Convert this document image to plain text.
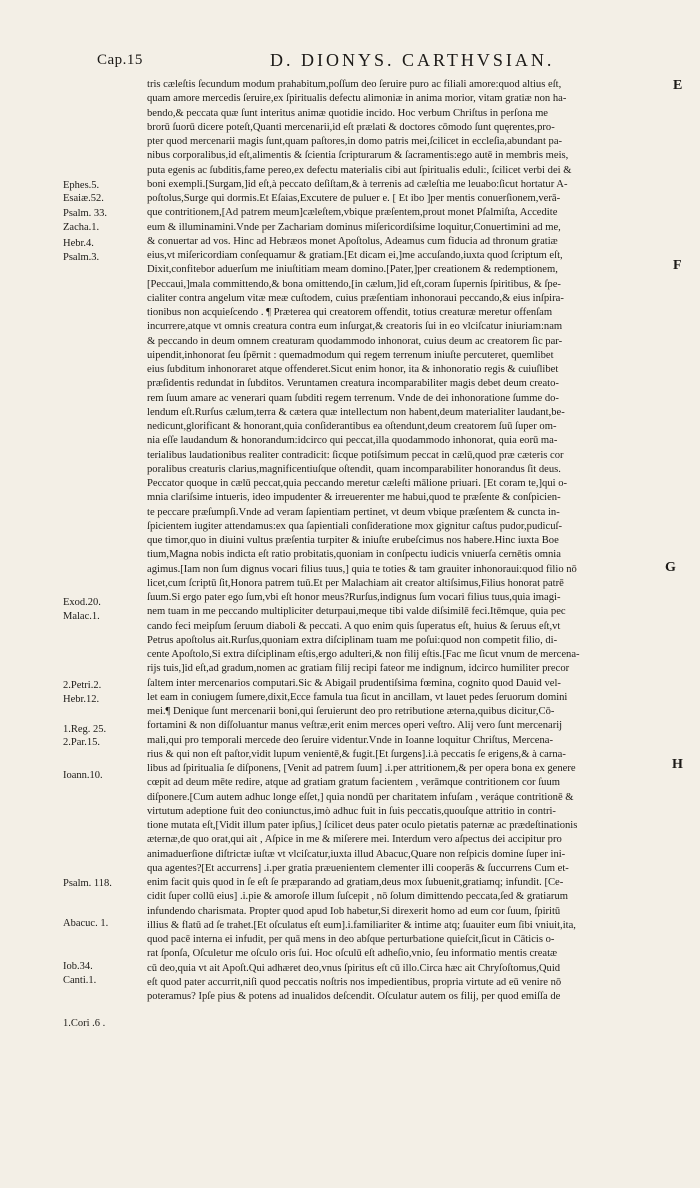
Cap.15	D. DIONYS. CARTHVSIAN.
E
F
G
H
Ephes.5.
Esaiæ.52.
Psalm. 33.
Zacha.1.
Hebr.4.
Psalm.3.
Exod.20.
Malac.1.
2.Petri.2.
Hebr.12.
1.Reg. 25.
2.Par.15.
Ioann.10.
Psalm. 118.
Abacuc. 1.
Iob.34.
Canti.1.
1.Cori .6 .
tris cæleſtis ſecundum modum prahabitum,poſſum deo ſeruire puro ac filiali amore:quod altius eſt,
quam amore mercedis ſeruire,ex ſpiritualis defectu alimoniæ in anima morior, vitam gratiæ non ha-
bendo,& peccata quæ ſunt interitus animæ quotidie incido. Hoc verbum Chriſtus in perſona me
brorū ſuorū dicere poteſt,Quanti mercenarii,id eſt prælati & doctores cōmodo ſunt quęrentes,pro-
pter quod mercenarii magis ſunt,quam paſtores,in domo patris mei,ſcilicet in eccleſia,abundant pa-
nibus corporalibus,id eſt,alimentis & ſcientia ſcripturarum & ſacramentis:ego autē in membris meis,
puta egenis ac ſubditis,fame pereo,ex defectu materialis cibi aut ſpiritualis eduli:, ſcilicet verbi dei &
boni exempli.[Surgam,]id eſt,à peccato deſiſtam,& à terrenis ad cæleſtia me leuabo:ſicut hortatur A-
poſtolus,Surge qui dormis.Et Eſaias,Excutere de puluer e. [ Et ibo ]per mentis conuerſionem,verā-
que contritionem,[Ad patrem meum]cæleſtem,vbique præſentem,prout monet Pſalmiſta, Accedite
eum & illuminamini.Vnde per Zachariam dominus miſericordiſsime loquitur,Conuertimini ad me,
& conuertar ad vos. Hinc ad Hebræos monet Apoſtolus, Adeamus cum fiducia ad thronum gratiæ
eius,vt miſericordiam conſequamur & gratiam.[Et dicam ei,]me accuſando,iuxta quod ſcriptum eſt,
Dixit,confitebor aduerſum me iniuſtitiam meam domino.[Pater,]per creationem & redemptionem,
[Peccaui,]mala committendo,& bona omittendo,[in cælum,]id eſt,coram ſupernis ſpiritibus, & ſpe-
cialiter contra angelum vitæ meæ cuſtodem, cuius præſentiam inhonoraui peccando,& eius inſpira-
tionibus non acquieſcendo . ¶ Præterea qui creatorem offendit, totius creaturæ meretur offenſam
incurrere,atque vt omnis creatura contra eum inſurgat,& creatoris ſui in eo vlciſcatur iniuriam:nam
& peccando in deum omnem creaturam quodammodo inhonorat, cuius deum ac creatorem ſic par-
uipendit,inhonorat ſeu ſpērnit : quemadmodum qui regem terrenum iniuſte percuteret, quemlibet
eius ſubditum inhonoraret atque offenderet.Sicut enim honor, ita & inhonoratio regis & cuiuſlibet
præſidentis redundat in ſubditos. Veruntamen creatura incomparabiliter magis debet deum creato-
rem ſuum amare ac venerari quam ſubditi regem terrenum. Vnde de dei inhonoratione ſumme do-
lendum eſt.Rurſus cælum,terra & cætera quæ intellectum non habent,deum materialiter laudant,be-
nedicunt,glorificant & honorant,quia conſiderantibus ea oſtendunt,deum creatorem ſuū ſuper om-
nia eſſe laudandum & honorandum:idcirco qui peccat,illa quodammodo inhonorat, quia eorū ma-
terialibus laudationibus realiter contradicit: ſicque potiſsimum peccat in cælū,quod præ cæteris cor
poralibus creaturis clarius,magnificentiuſque oſtendit, quam incomparabiliter honorandus ſit deus.
Peccator quoque in cælū peccat,quia peccando meretur cæleſti mālione priuari. [Et coram te,]qui o-
mnia clariſsime intueris, ideo impudenter & irreuerenter me habui,quod te præſente & conſpicien-
te peccare præſumpſi.Vnde ad veram ſapientiam pertinet, vt deum vbique præſentem & cuncta in-
ſpicientem iugiter attendamus:ex qua ſapientiali conſideratione mox gignitur caſtus pudor,pudicuſ-
que timor,quo in diuini vultus præſentia turpiter & iniuſte erubeſcimus nos habere.Hinc iuxta Boe
tium,Magna nobis indicta eſt ratio probitatis,quoniam in conſpectu iudicis vniuerſa cernētis omnia
agimus.[Iam non ſum dignus vocari filius tuus,] quia te toties & tam grauiter inhonoraui:quod filio nō
licet,cum ſcriptū ſit,Honora patrem tuū.Et per Malachiam ait creator altiſsimus,Filius honorat patrē
ſuum.Si ergo pater ego ſum,vbi eſt honor meus?Rurſus,indignus ſum vocari filius tuus,quia imagi-
nem tuam in me peccando multipliciter deturpaui,meque tibi valde diſsimilē feci.Itēmque, quia pec
cando feci meipſum ſeruum diaboli & peccati. A quo enim quis ſuperatus eſt, huius & ſeruus eſt,vt
Petrus apoſtolus ait.Rurſus,quoniam extra diſciplinam tuam me poſui:quod non competit filio, di-
cente Apoſtolo,Si extra diſciplinam eſtis,ergo adulteri,& non filij eſtis.[Fac me ſicut vnum de mercena-
rijs tuis,]id eſt,ad gradum,nomen ac gratiam filij recipi fateor me indignum, idcirco humiliter precor
ſaltem inter mercenarios computari.Sic & Abigail prudentiſsima fœmina, cognito quod Dauid vel-
let eam in coniugem ſumere,dixit,Ecce famula tua ſicut in ancillam, vt lauet pedes ſeruorum domini
mei.¶ Denique ſunt mercenarii boni,qui ſeruierunt deo pro retributione æterna,quibus dicitur,Cō-
fortamini & non diſſoluantur manus veſtræ,erit enim merces operi veſtro. Alij vero ſunt mercenarij
mali,qui pro temporali mercede deo ſeruire videntur.Vnde in Ioanne loquitur Chriſtus, Mercena-
rius & qui non eſt paſtor,vidit lupum venientē,& fugit.[Et ſurgens].i.à peccatis ſe erigens,& à carna-
libus ad ſpiritualia ſe diſponens, [Venit ad patrem ſuum] .i.per attritionem,& per opera bona ex genere
cœpit ad deum mēte redire, atque ad gratiam gratum facientem , verāmque contritionem cor ſuum
diſponere.[Cum autem adhuc longe eſſet,] quia nondū per charitatem infuſam , veráque contritionē &
virtutum adeptione fuit deo coniunctus,imò adhuc fuit in ſuis peccatis,quouſque attritio in contri-
tione mutata eſt,[Vidit illum pater ipſius,] ſcilicet deus pater oculo pietatis paternæ ac prædeſtinationis
æternæ,de quo orat,qui ait , Aſpice in me & miſerere mei. Interdum vero aſpectus dei accipitur pro
animaduerſione diſtrictæ iuſtæ vt vlciſcatur,iuxta illud Abacuc,Quare non reſpicis domine ſuper ini-
qua agentes?[Et accurrens] .i.per gratia præuenientem clementer illi cooperās & ſuccurrens Cum et-
enim facit quis quod in ſe eſt ſe præparando ad gratiam,deus mox ſubuenit,gratiamq; infundit. [Ce-
cidit ſuper collū eius] .i.pie & amoroſe illum ſuſcepit , nō ſolum dimittendo peccata,ſed & gratiarum
infundendo charismata. Propter quod apud Iob habetur,Si direxerit homo ad eum cor ſuum, ſpiritū
illius & flatū ad ſe trahet.[Et oſculatus eſt eum].i.familiariter & intime atq; ſuauiter eum ſibi vniuit,ita,
quod pacē interna ei infudit, per quā mens in deo abſque perturbatione quieſcit,ſicut in Cāticis o-
rat ſponſa, Oſculetur me oſculo oris ſui. Hoc oſculū eſt adheſio,vnio, ſeu informatio mentis creatæ
cū deo,quia vt ait Apoſt.Qui adhæret deo,vnus ſpiritus eſt cū illo.Circa hæc ait Chryſoſtomus,Quid
eſt quod pater accurrit,niſi quod peccatis noſtris nos impedientibus, propria virtute ad eū venire nō
poteramus? Ipſe pius & potens ad inualidos deſcendit. Oſculatur autem os filij, per quod emiſſa de
